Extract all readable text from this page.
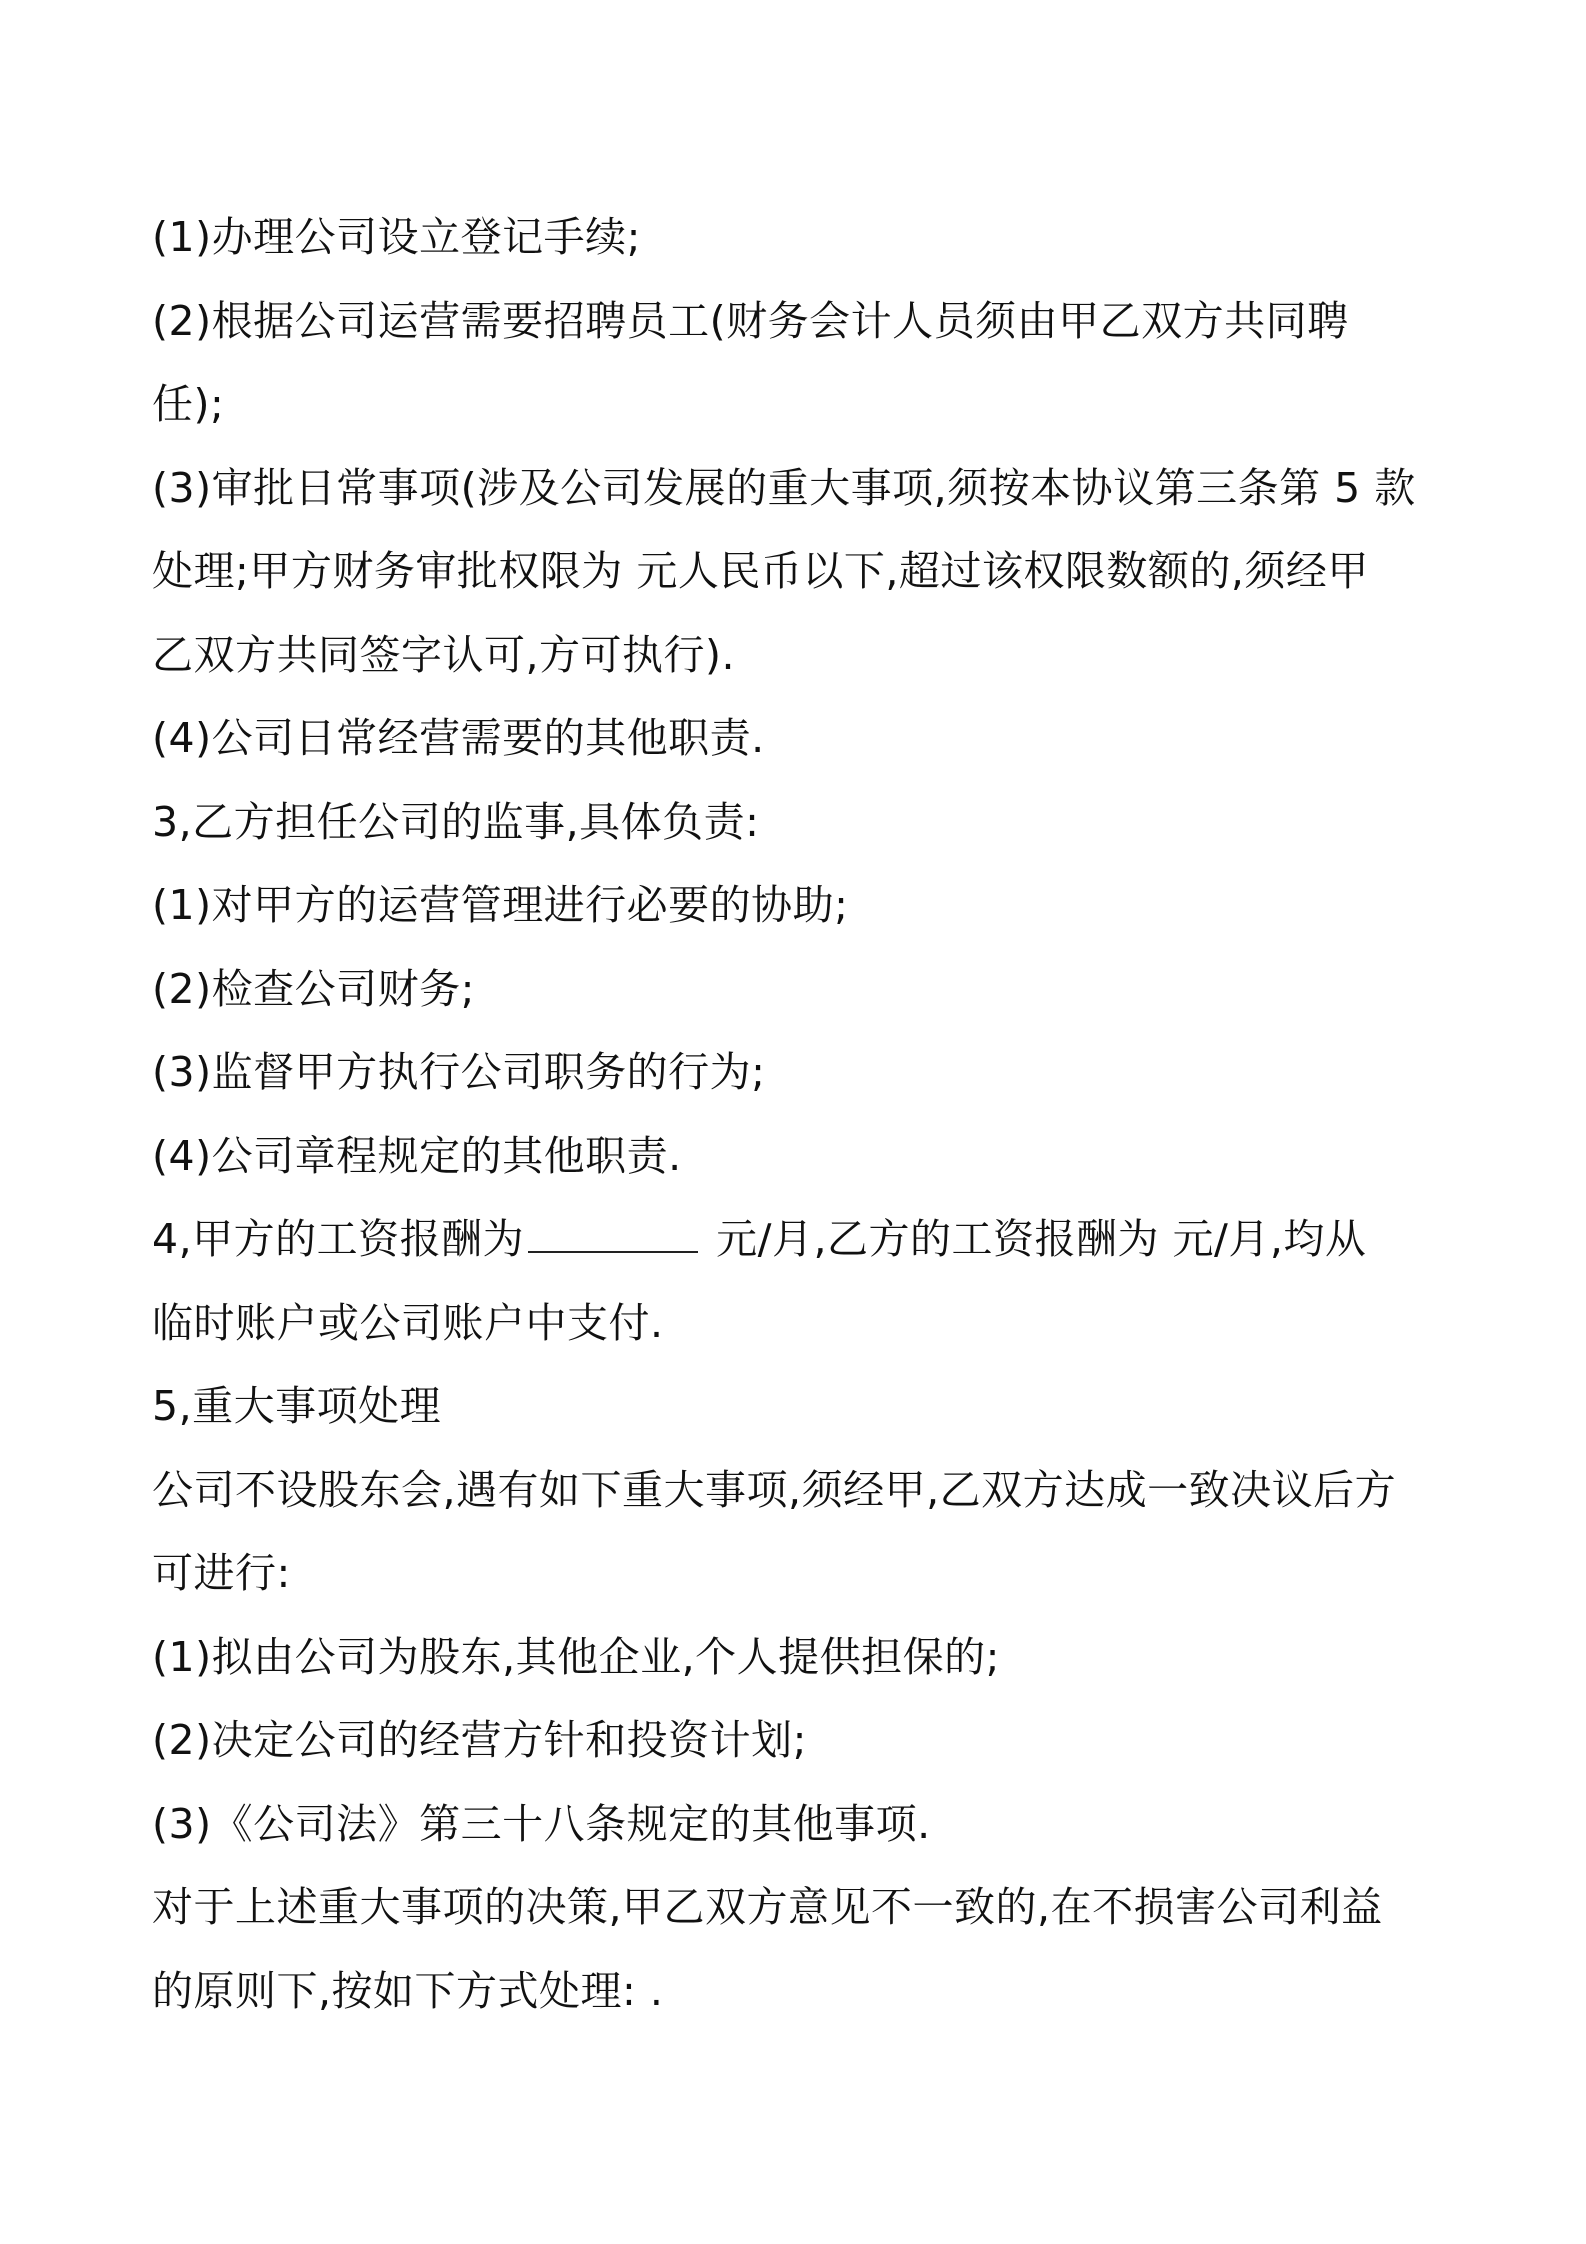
(1)办理公司设立登记手续;
(2)根据公司运营需要招聘员工(财务会计人员须由甲乙双方共同聘
任);
(3)审批日常事项(涉及公司发展的重大事项,须按本协议第三条第 5 款
处理;甲方财务审批权限为 元人民币以下,超过该权限数额的,须经甲
乙双方共同签字认可,方可执行).
(4)公司日常经营需要的其他职责.
3,乙方担任公司的监事,具体负责:
(1)对甲方的运营管理进行必要的协助;
(2)检查公司财务;
(3)监督甲方执行公司职务的行为;
(4)公司章程规定的其他职责.
4,甲方的工资报酬为	元/月,乙方的工资报酬为 元/月,均从
临时账户或公司账户中支付.
5,重大事项处理
公司不设股东会,遇有如下重大事项,须经甲,乙双方达成一致决议后方
可进行:
(1)拟由公司为股东,其他企业,个人提供担保的;
(2)决定公司的经营方针和投资计划;
(3)《公司法》第三十八条规定的其他事项.
对于上述重大事项的决策,甲乙双方意见不一致的,在不损害公司利益
的原则下,按如下方式处理: .
